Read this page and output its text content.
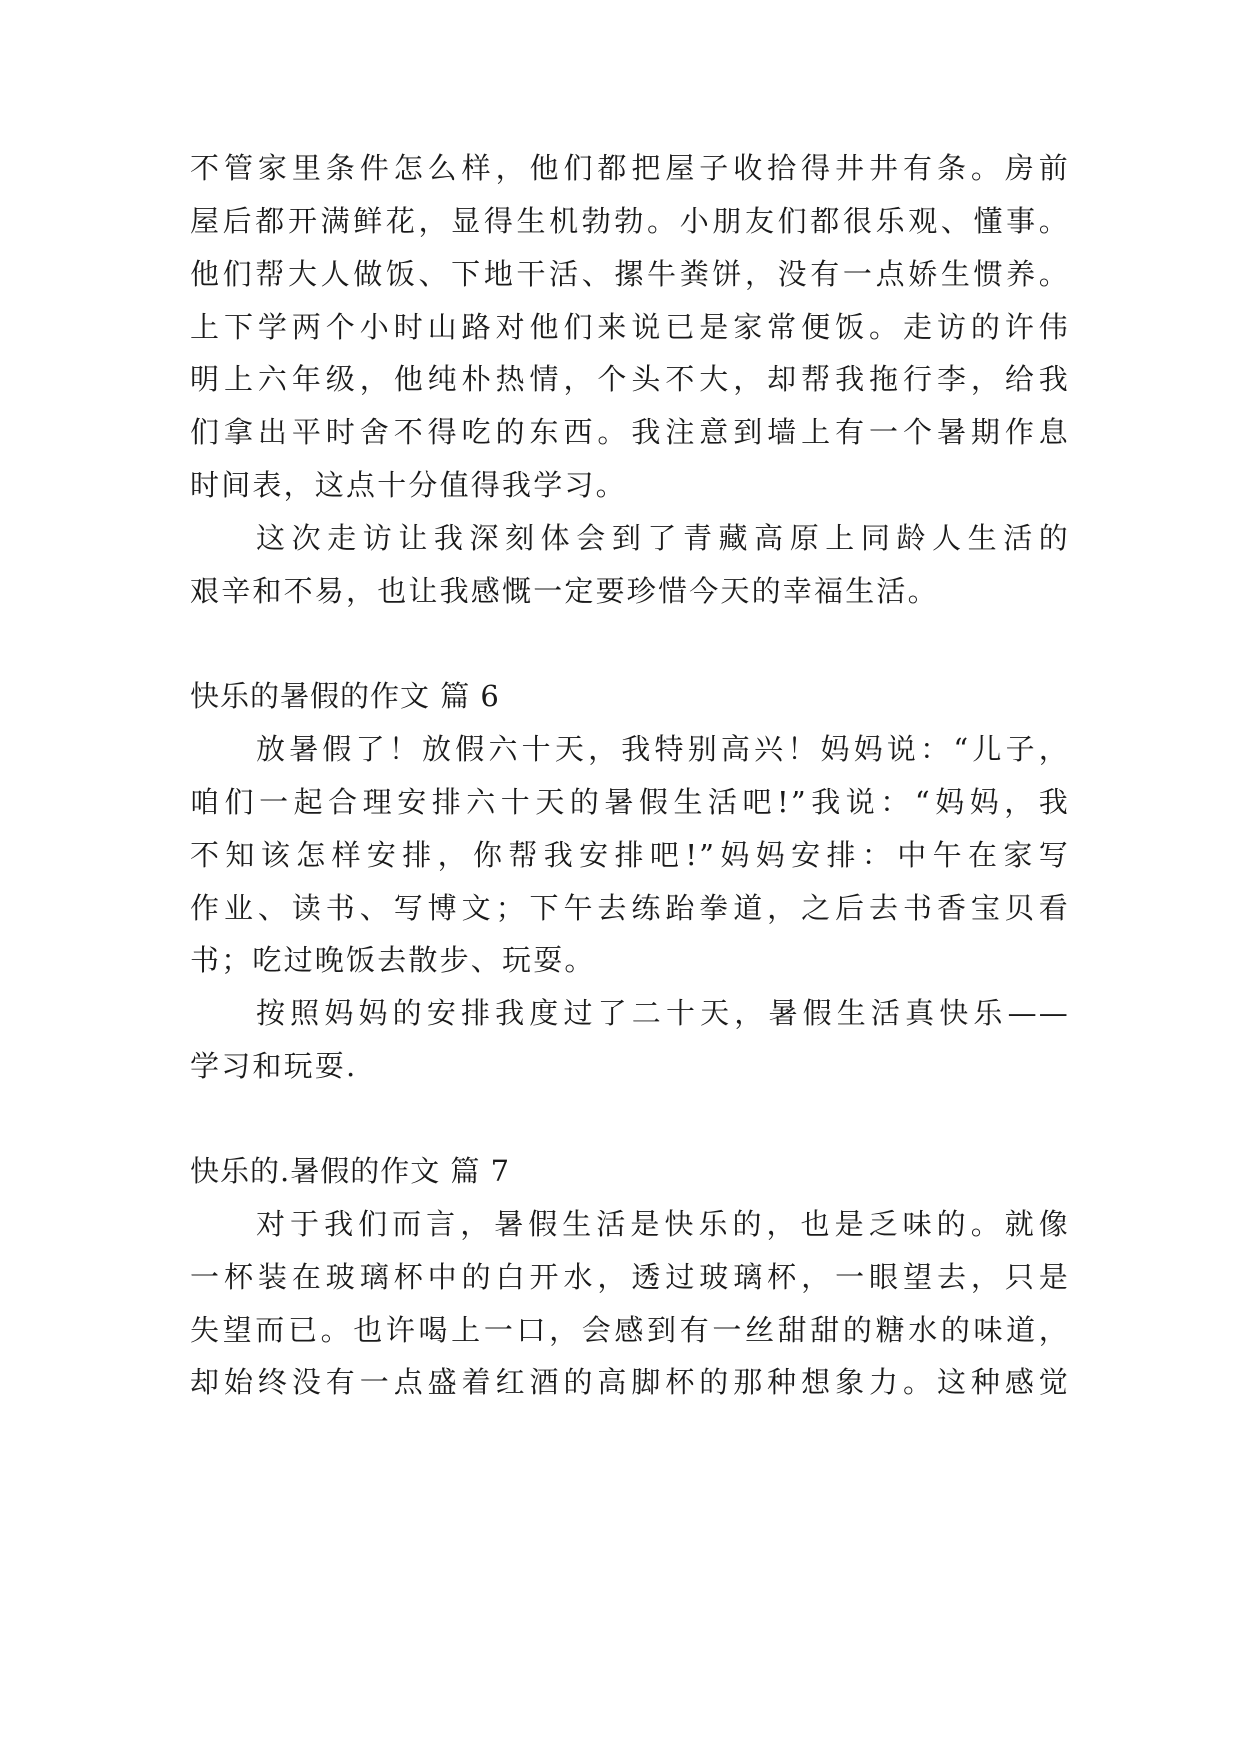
不管家里条件怎么样，他们都把屋子收拾得井井有条。房前
屋后都开满鲜花，显得生机勃勃。小朋友们都很乐观、懂事。
他们帮大人做饭、下地干活、摞牛粪饼，没有一点娇生惯养。
上下学两个小时山路对他们来说已是家常便饭。走访的许伟
明上六年级，他纯朴热情，个头不大，却帮我拖行李，给我
们拿出平时舍不得吃的东西。我注意到墙上有一个暑期作息
时间表，这点十分值得我学习。
这次走访让我深刻体会到了青藏高原上同龄人生活的
艰辛和不易，也让我感慨一定要珍惜今天的幸福生活。
快乐的暑假的作文 篇 6
放暑假了！放假六十天，我特别高兴！妈妈说：“儿子，
咱们一起合理安排六十天的暑假生活吧!”我说：“妈妈，我
不知该怎样安排，你帮我安排吧!”妈妈安排：中午在家写
作业、读书、写博文；下午去练跆拳道，之后去书香宝贝看
书；吃过晚饭去散步、玩耍。
按照妈妈的安排我度过了二十天，暑假生活真快乐——
学习和玩耍.
快乐的.暑假的作文 篇 7
对于我们而言，暑假生活是快乐的，也是乏味的。就像
一杯装在玻璃杯中的白开水，透过玻璃杯，一眼望去，只是
失望而已。也许喝上一口，会感到有一丝甜甜的糖水的味道，
却始终没有一点盛着红酒的高脚杯的那种想象力。这种感觉
